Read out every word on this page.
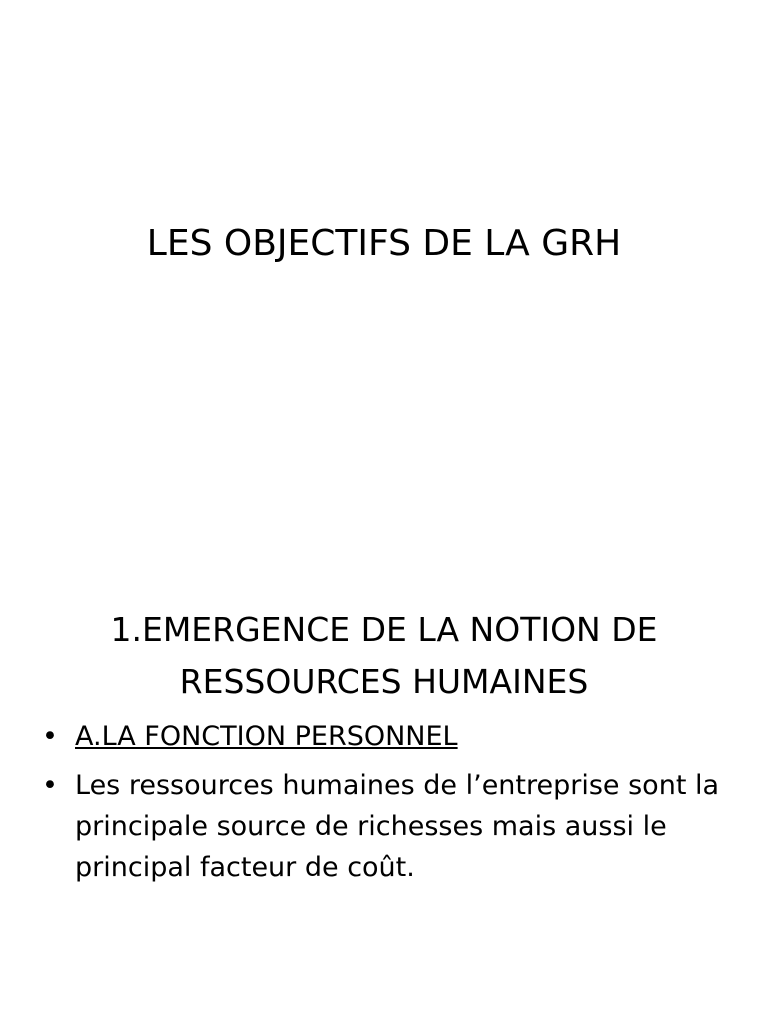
LES OBJECTIFS DE LA GRH
1.EMERGENCE DE LA NOTION DE
RESSOURCES HUMAINES
• A.LA FONCTION PERSONNEL
• Les ressources humaines de l’entreprise sont la principale source de richesses mais aussi le principal facteur de coût.
